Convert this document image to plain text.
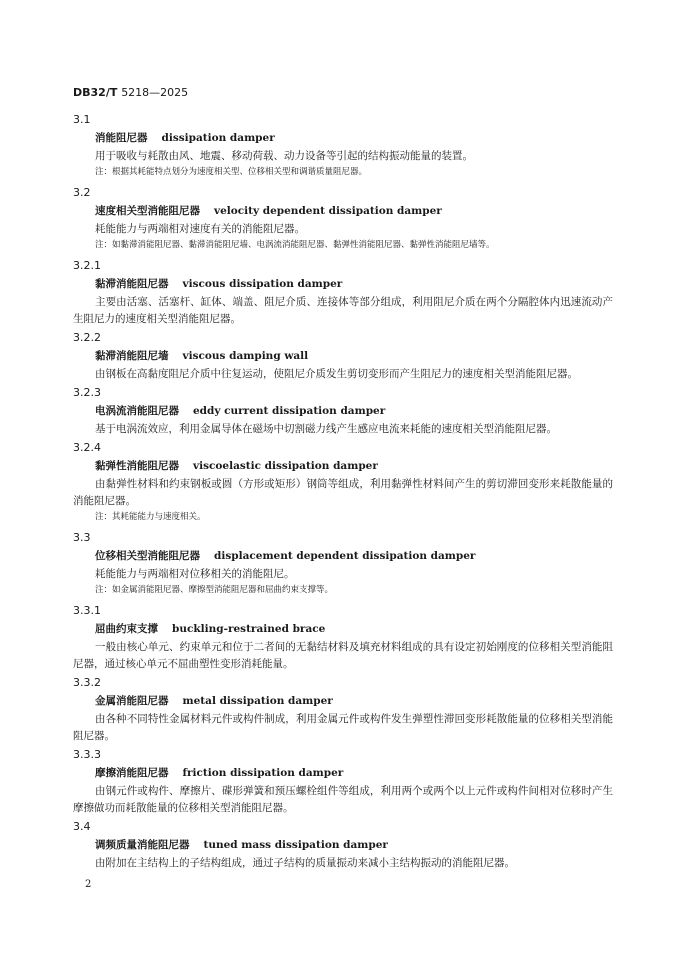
DB32/T 5218—2025
3.1
消能阻尼器 dissipation damper

用于吸收与耗散由风、地震、移动荷载、动力设备等引起的结构振动能量的装置。

注：根据其耗能特点划分为速度相关型、位移相关型和调谐质量阻尼器。

3.2
速度相关型消能阻尼器 velocity dependent dissipation damper

耗能能力与两端相对速度有关的消能阻尼器。

注：如黏滞消能阻尼器、黏滞消能阻尼墙、电涡流消能阻尼器、黏弹性消能阻尼器、黏弹性消能阻尼墙等。

3.2.1
黏滞消能阻尼器 viscous dissipation damper

主要由活塞、活塞杆、缸体、端盖、阻尼介质、连接体等部分组成，利用阻尼介质在两个分隔腔体内迅速流动产生阻尼力的速度相关型消能阻尼器。

3.2.2
黏滞消能阻尼墙 viscous damping wall

由钢板在高黏度阻尼介质中往复运动，使阻尼介质发生剪切变形而产生阻尼力的速度相关型消能阻尼器。

3.2.3
电涡流消能阻尼器 eddy current dissipation damper

基于电涡流效应，利用金属导体在磁场中切割磁力线产生感应电流来耗能的速度相关型消能阻尼器。

3.2.4
黏弹性消能阻尼器 viscoelastic dissipation damper

由黏弹性材料和约束钢板或圆（方形或矩形）钢筒等组成，利用黏弹性材料间产生的剪切滞回变形来耗散能量的消能阻尼器。

注：其耗能能力与速度相关。

3.3
位移相关型消能阻尼器 displacement dependent dissipation damper

耗能能力与两端相对位移相关的消能阻尼。

注：如金属消能阻尼器、摩擦型消能阻尼器和屈曲约束支撑等。

3.3.1
屈曲约束支撑 buckling-restrained brace

一般由核心单元、约束单元和位于二者间的无黏结材料及填充材料组成的具有设定初始刚度的位移相关型消能阻尼器，通过核心单元不屈曲塑性变形消耗能量。

3.3.2
金属消能阻尼器 metal dissipation damper

由各种不同特性金属材料元件或构件制成，利用金属元件或构件发生弹塑性滞回变形耗散能量的位移相关型消能阻尼器。

3.3.3
摩擦消能阻尼器 friction dissipation damper

由钢元件或构件、摩擦片、碟形弹簧和预压螺栓组件等组成，利用两个或两个以上元件或构件间相对位移时产生摩擦做功而耗散能量的位移相关型消能阻尼器。

3.4
调频质量消能阻尼器 tuned mass dissipation damper

由附加在主结构上的子结构组成，通过子结构的质量振动来减小主结构振动的消能阻尼器。

2
